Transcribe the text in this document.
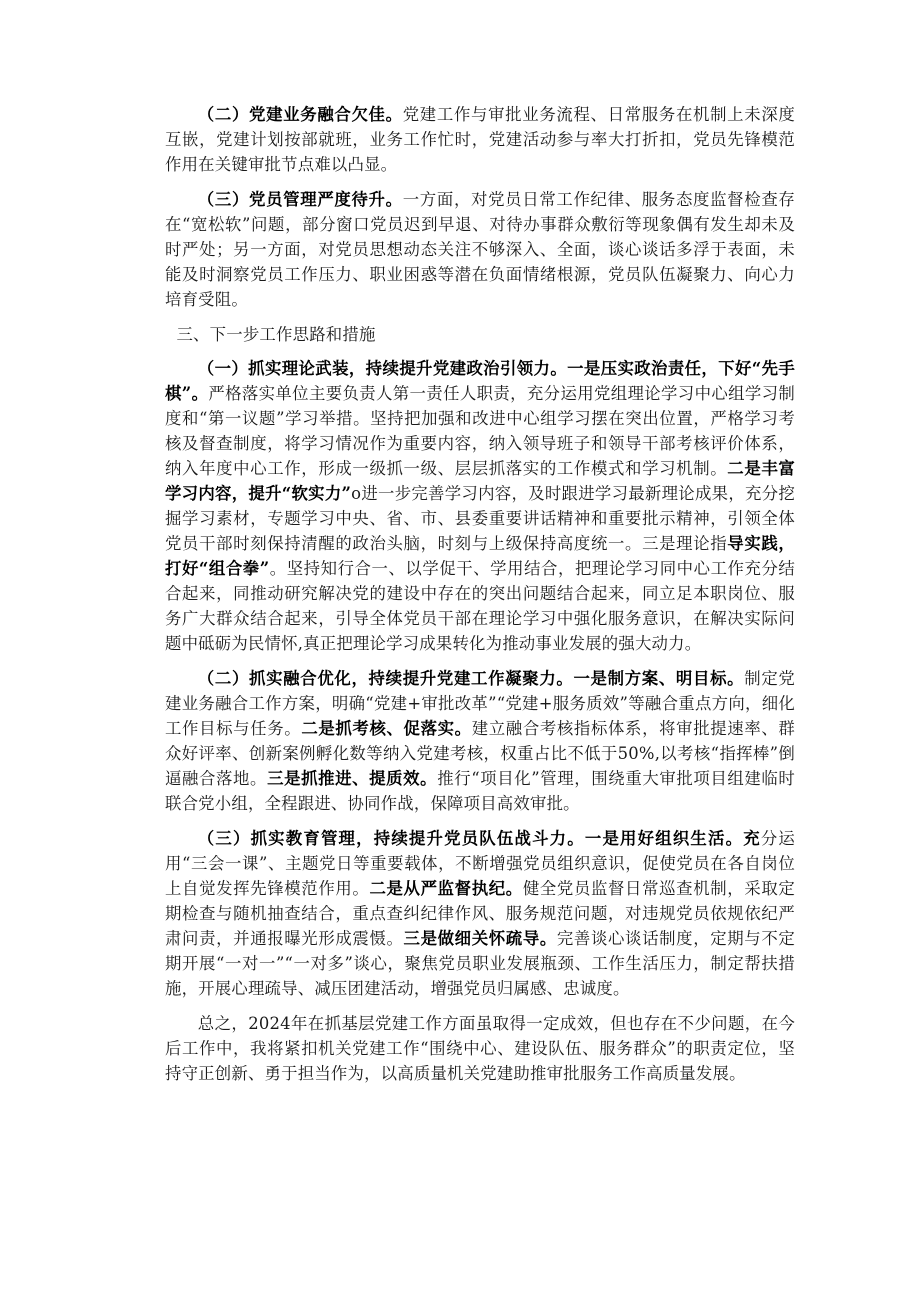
（二）党建业务融合欠佳。党建工作与审批业务流程、日常服务在机制上未深度互嵌，党建计划按部就班，业务工作忙时，党建活动参与率大打折扣，党员先锋模范作用在关键审批节点难以凸显。

（三）党员管理严度待升。一方面，对党员日常工作纪律、服务态度监督检查存在“宽松软”问题，部分窗口党员迟到早退、对待办事群众敷衍等现象偶有发生却未及时严处；另一方面，对党员思想动态关注不够深入、全面，谈心谈话多浮于表面，未能及时洞察党员工作压力、职业困惑等潜在负面情绪根源，党员队伍凝聚力、向心力培育受阻。

三、下一步工作思路和措施

（一）抓实理论武装，持续提升党建政治引领力。一是压实政治责任，下好“先手棋”。严格落实单位主要负责人第一责任人职责，充分运用党组理论学习中心组学习制度和“第一议题”学习举措。坚持把加强和改进中心组学习摆在突出位置，严格学习考核及督查制度，将学习情况作为重要内容，纳入领导班子和领导干部考核评价体系，纳入年度中心工作，形成一级抓一级、层层抓落实的工作模式和学习机制。二是丰富学习内容，提升“软实力”o进一步完善学习内容，及时跟进学习最新理论成果，充分挖掘学习素材，专题学习中央、省、市、县委重要讲话精神和重要批示精神，引领全体党员干部时刻保持清醒的政治头脑，时刻与上级保持高度统一。三是理论指导实践，打好“组合拳”。坚持知行合一、以学促干、学用结合，把理论学习同中心工作充分结合起来，同推动研究解决党的建设中存在的突出问题结合起来，同立足本职岗位、服务广大群众结合起来，引导全体党员干部在理论学习中强化服务意识，在解决实际问题中砥砺为民情怀,真正把理论学习成果转化为推动事业发展的强大动力。

（二）抓实融合优化，持续提升党建工作凝聚力。一是制方案、明目标。制定党建业务融合工作方案，明确“党建+审批改革”“党建+服务质效”等融合重点方向，细化工作目标与任务。二是抓考核、促落实。建立融合考核指标体系，将审批提速率、群众好评率、创新案例孵化数等纳入党建考核，权重占比不低于50%,以考核“指挥棒”倒逼融合落地。三是抓推进、提质效。推行“项目化”管理，围绕重大审批项目组建临时联合党小组，全程跟进、协同作战，保障项目高效审批。

（三）抓实教育管理，持续提升党员队伍战斗力。一是用好组织生活。充分运用“三会一课”、主题党日等重要载体，不断增强党员组织意识，促使党员在各自岗位上自觉发挥先锋模范作用。二是从严监督执纪。健全党员监督日常巡查机制，采取定期检查与随机抽查结合，重点查纠纪律作风、服务规范问题，对违规党员依规依纪严肃问责，并通报曝光形成震慑。三是做细关怀疏导。完善谈心谈话制度，定期与不定期开展“一对一”“一对多”谈心，聚焦党员职业发展瓶颈、工作生活压力，制定帮扶措施，开展心理疏导、减压团建活动，增强党员归属感、忠诚度。

总之，2024年在抓基层党建工作方面虽取得一定成效，但也存在不少问题，在今后工作中，我将紧扣机关党建工作“围绕中心、建设队伍、服务群众”的职责定位，坚持守正创新、勇于担当作为，以高质量机关党建助推审批服务工作高质量发展。
